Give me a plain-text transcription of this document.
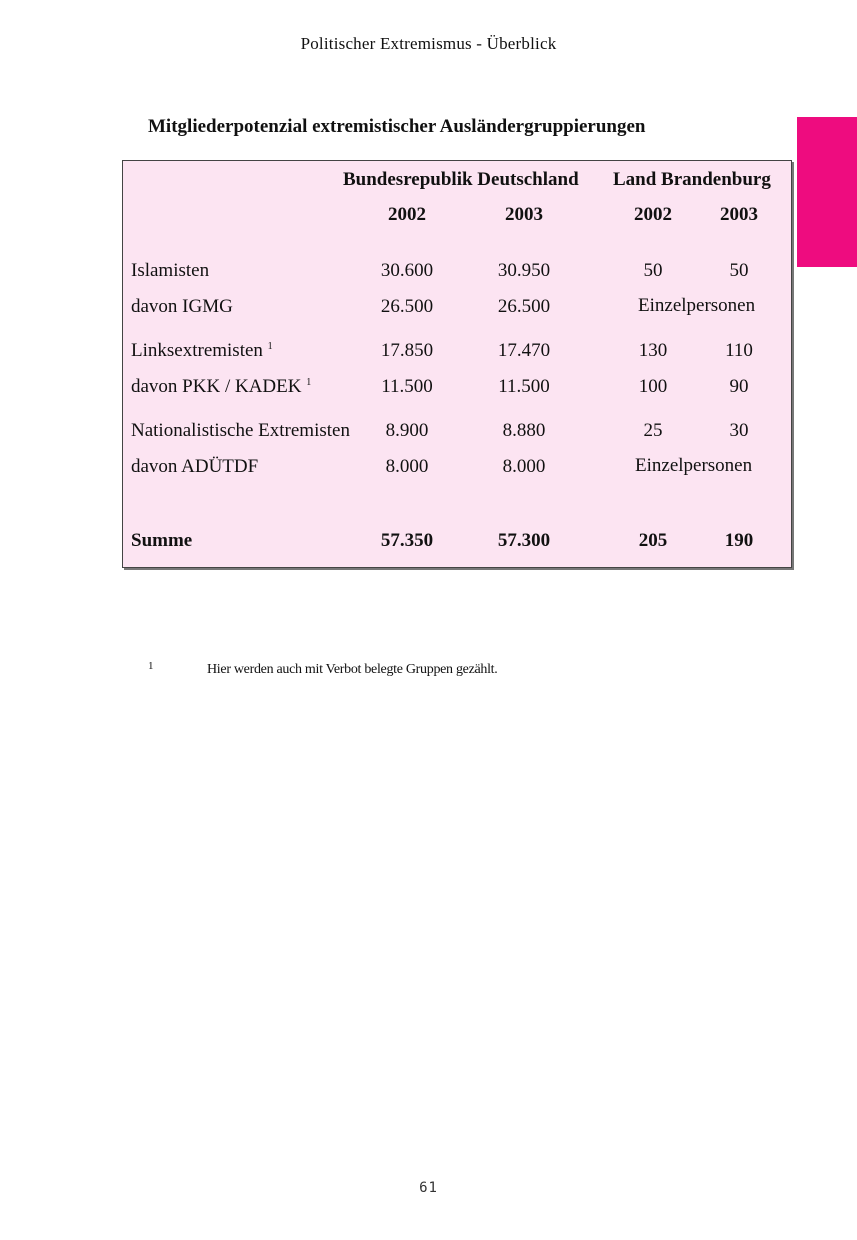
Politischer Extremismus - Überblick
Mitgliederpotenzial extremistischer Ausländergruppierungen
Bundesrepublik Deutschland Land Brandenburg
2002	2003	2002	2003
Islamisten	30.600	30.950	50	50
davon IGMG	26.500	26.500	Einzelpersonen
Linksextremisten $^1$	17.850	17.470	130	110
davon PKK / KADEK $^1$	11.500	11.500	100	90
Nationalistische Extremisten	8.900	8.880	25	30
davon ADÜTDF	8.000	8.000	Einzelpersonen
Summe	57.350	57.300	205	190
1	Hier werden auch mit Verbot belegte Gruppen gezählt.
61
